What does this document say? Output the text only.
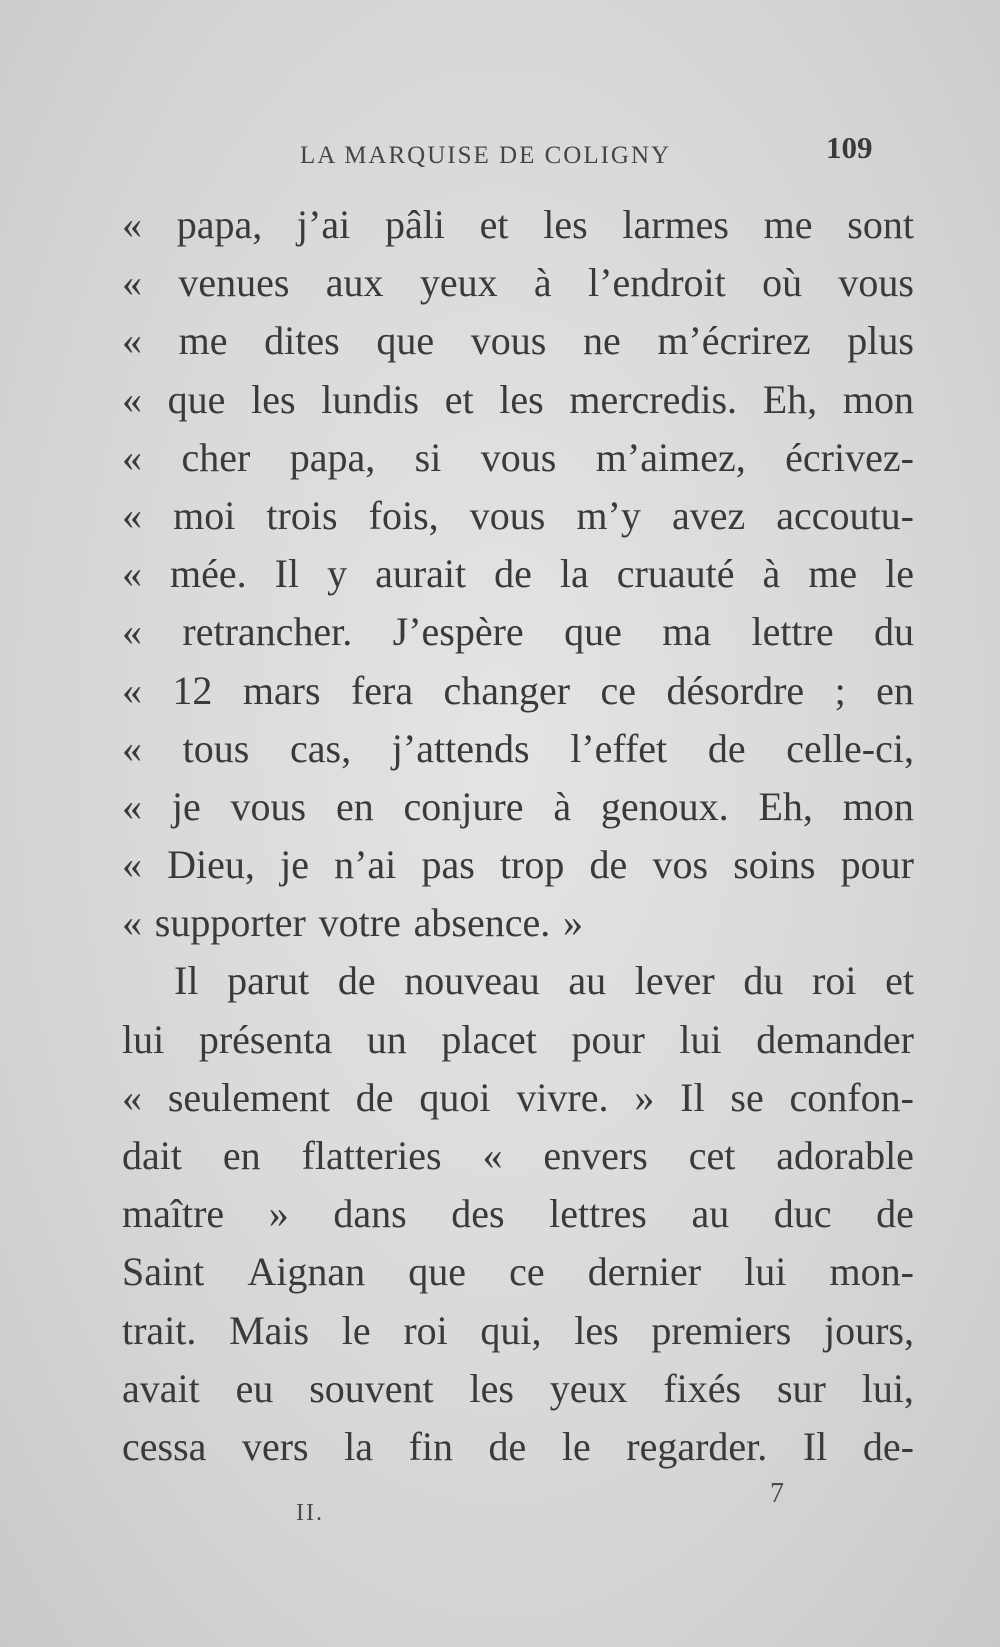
LA MARQUISE DE COLIGNY	109
« papa, j’ai pâli et les larmes me sont
« venues aux yeux à l’endroit où vous
« me dites que vous ne m’écrirez plus
« que les lundis et les mercredis. Eh, mon
« cher papa, si vous m’aimez, écrivez-
« moi trois fois, vous m’y avez accoutu-
« mée. Il y aurait de la cruauté à me le
« retrancher. J’espère que ma lettre du
« 12 mars fera changer ce désordre ; en
« tous cas, j’attends l’effet de celle-ci,
« je vous en conjure à genoux. Eh, mon
« Dieu, je n’ai pas trop de vos soins pour
« supporter votre absence. »
Il parut de nouveau au lever du roi et
lui présenta un placet pour lui demander
« seulement de quoi vivre. » Il se confon-
dait en flatteries « envers cet adorable
maître » dans des lettres au duc de
Saint Aignan que ce dernier lui mon-
trait. Mais le roi qui, les premiers jours,
avait eu souvent les yeux fixés sur lui,
cessa vers la fin de le regarder. Il de-
II.
7
